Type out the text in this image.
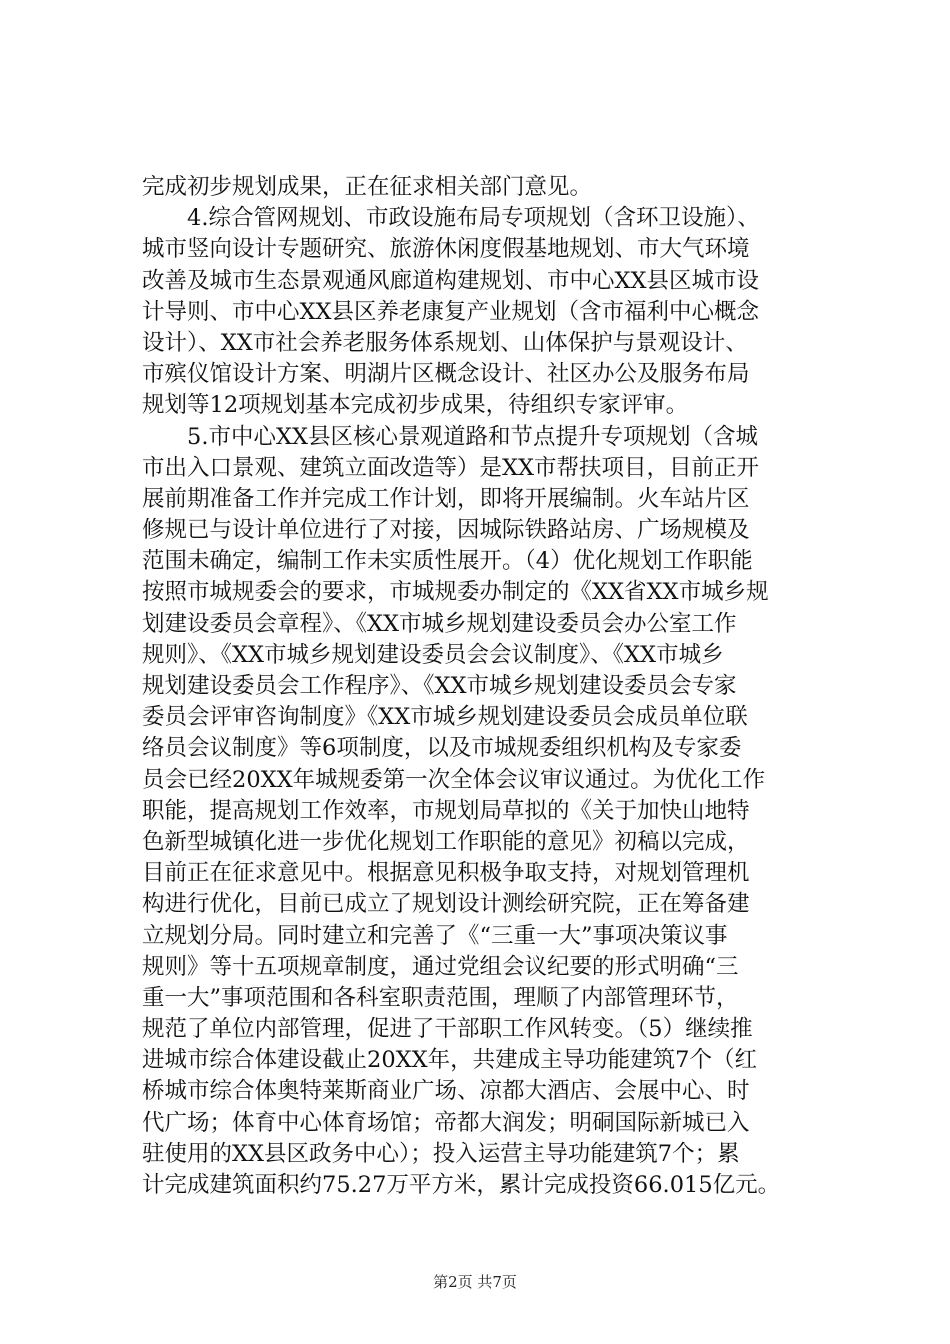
完成初步规划成果，正在征求相关部门意见。
　　4.综合管网规划、市政设施布局专项规划（含环卫设施）、
城市竖向设计专题研究、旅游休闲度假基地规划、市大气环境
改善及城市生态景观通风廊道构建规划、市中心XX县区城市设
计导则、市中心XX县区养老康复产业规划（含市福利中心概念
设计）、XX市社会养老服务体系规划、山体保护与景观设计、
市殡仪馆设计方案、明湖片区概念设计、社区办公及服务布局
规划等12项规划基本完成初步成果，待组织专家评审。
　　5.市中心XX县区核心景观道路和节点提升专项规划（含城
市出入口景观、建筑立面改造等）是XX市帮扶项目，目前正开
展前期准备工作并完成工作计划，即将开展编制。火车站片区
修规已与设计单位进行了对接，因城际铁路站房、广场规模及
范围未确定，编制工作未实质性展开。（4）优化规划工作职能
按照市城规委会的要求，市城规委办制定的《XX省XX市城乡规
划建设委员会章程》、《XX市城乡规划建设委员会办公室工作
规则》、《XX市城乡规划建设委员会会议制度》、《XX市城乡
规划建设委员会工作程序》、《XX市城乡规划建设委员会专家
委员会评审咨询制度》《XX市城乡规划建设委员会成员单位联
络员会议制度》等6项制度，以及市城规委组织机构及专家委
员会已经20XX年城规委第一次全体会议审议通过。为优化工作
职能，提高规划工作效率，市规划局草拟的《关于加快山地特
色新型城镇化进一步优化规划工作职能的意见》初稿以完成，
目前正在征求意见中。根据意见积极争取支持，对规划管理机
构进行优化，目前已成立了规划设计测绘研究院，正在筹备建
立规划分局。同时建立和完善了《“三重一大”事项决策议事
规则》等十五项规章制度，通过党组会议纪要的形式明确“三
重一大”事项范围和各科室职责范围，理顺了内部管理环节，
规范了单位内部管理，促进了干部职工作风转变。（5）继续推
进城市综合体建设截止20XX年，共建成主导功能建筑7个（红
桥城市综合体奥特莱斯商业广场、凉都大酒店、会展中心、时
代广场；体育中心体育场馆；帝都大润发；明硐国际新城已入
驻使用的XX县区政务中心）；投入运营主导功能建筑7个；累
计完成建筑面积约75.27万平方米，累计完成投资66.015亿元。
第2页 共7页
